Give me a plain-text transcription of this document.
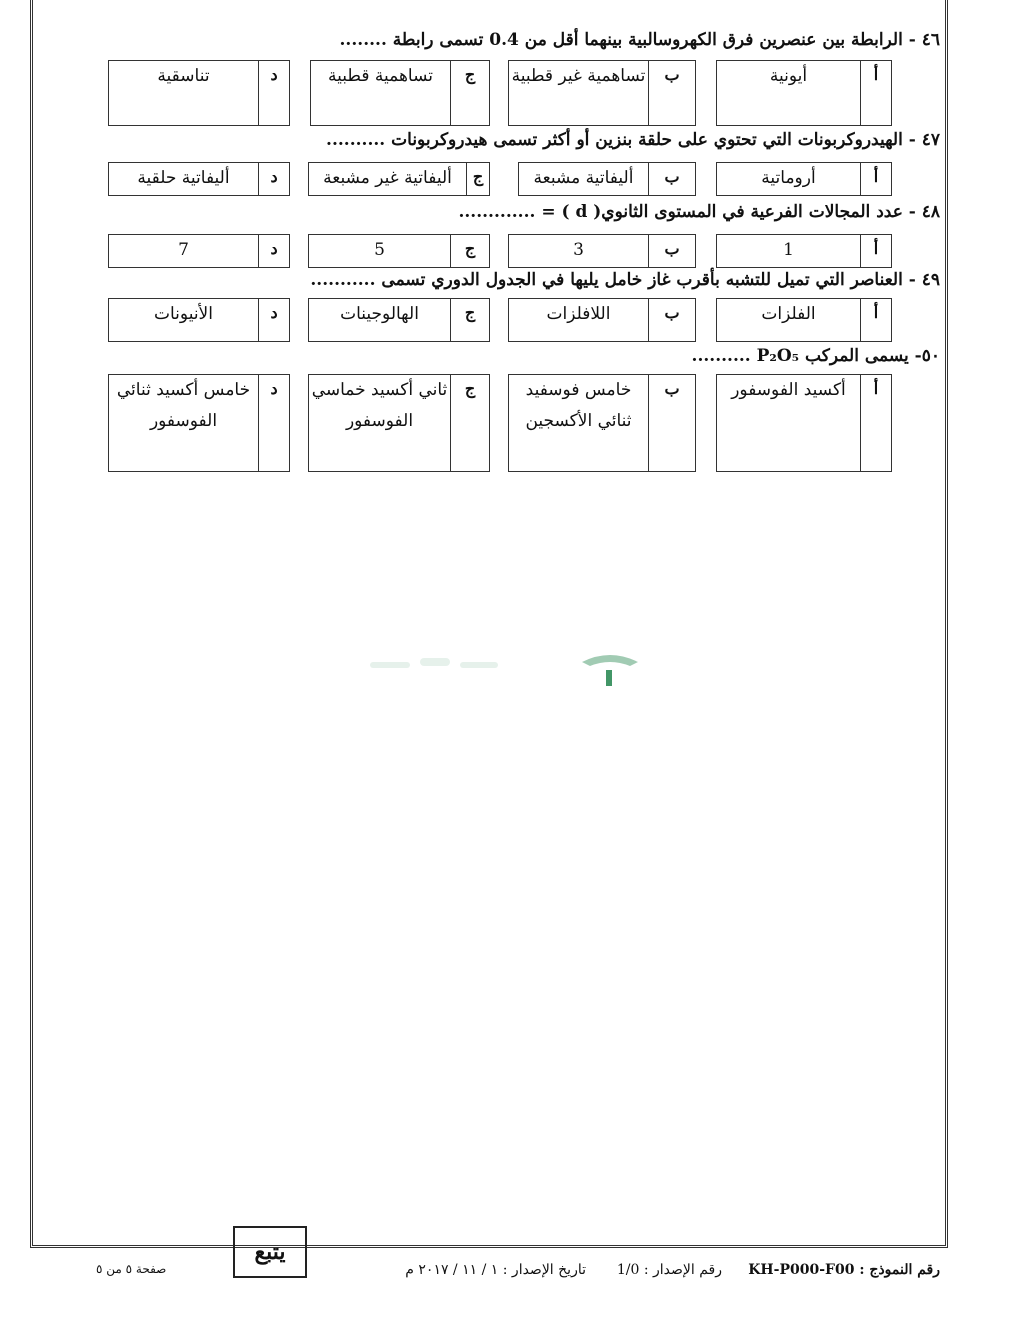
٤٦ - الرابطة بين عنصرين فرق الكهروسالبية بينهما أقل من 0.4 تسمى رابطة ........
أ
أيونية
ب
تساهمية غير قطبية
ج
تساهمية قطبية
د
تناسقية
٤٧ - الهيدروكربونات التي تحتوي على حلقة بنزين أو أكثر تسمى هيدروكربونات ..........
أ
أروماتية
ب
أليفاتية مشبعة
ج
أليفاتية غير مشبعة
د
أليفاتية حلقية
٤٨ - عدد المجالات الفرعية في المستوى الثانوي( d ) = .............
أ
1
ب
3
ج
5
د
7
٤٩ - العناصر التي تميل للتشبه بأقرب غاز خامل يليها في الجدول الدوري تسمى ...........
أ
الفلزات
ب
اللافلزات
ج
الهالوجينات
د
الأنيونات
٥٠- يسمى المركب P₂O₅ ..........
أ
أكسيد الفوسفور
ب
خامس فوسفيد ثنائي الأكسجين
ج
ثاني أكسيد خماسي الفوسفور
د
خامس أكسيد ثنائي الفوسفور
رقم النموذج : KH-P000-F00
رقم الإصدار : 1/0
تاريخ الإصدار : ١ / ١١ / ٢٠١٧ م
يتبع
صفحة ٥ من ٥
